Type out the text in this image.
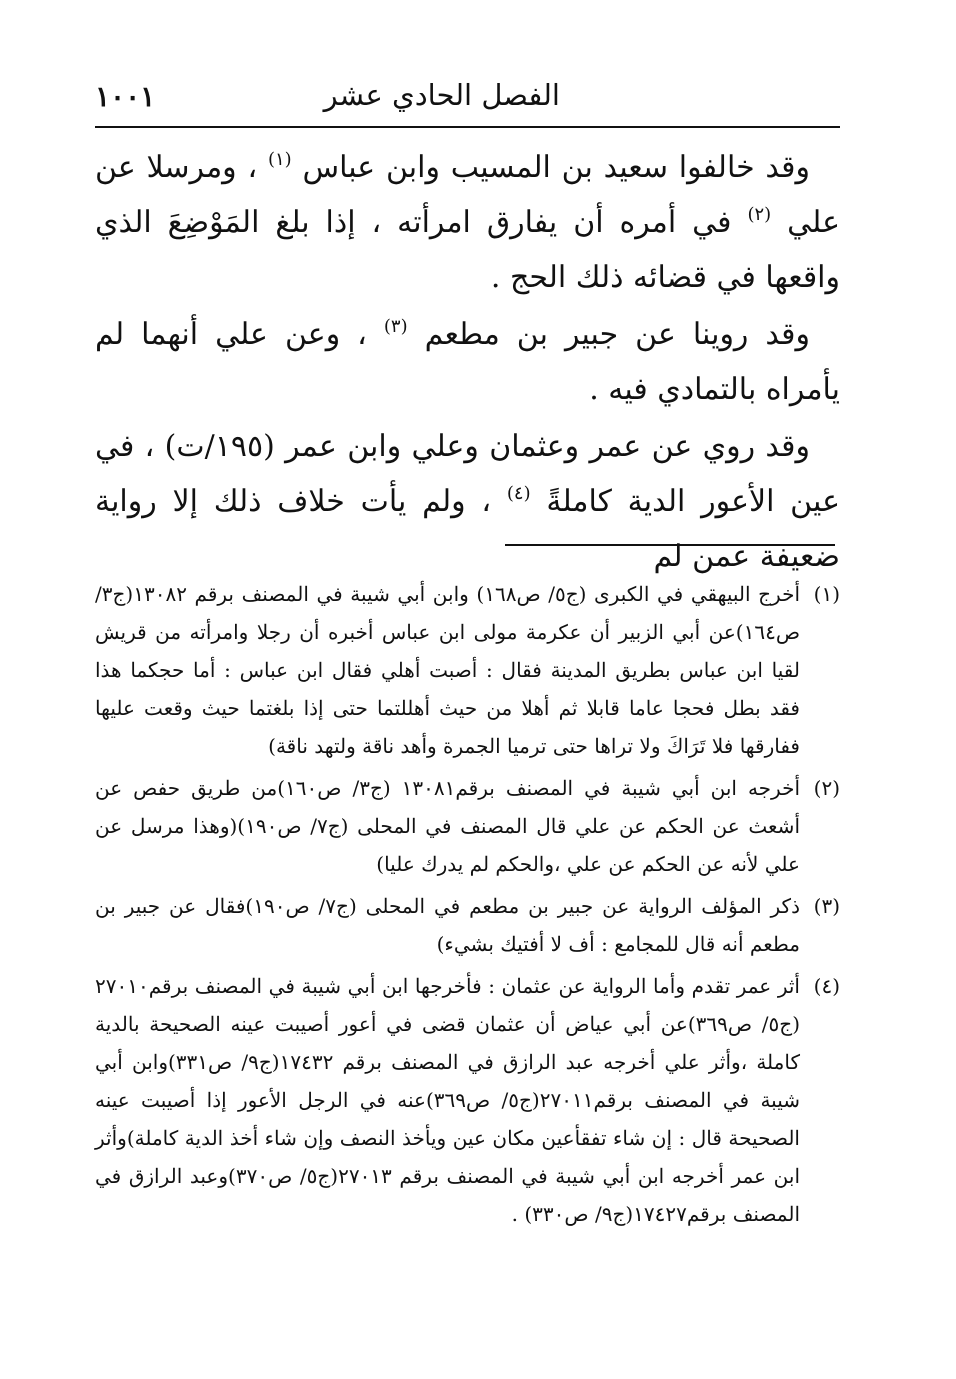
الفصل الحادي عشر
١٠٠١

وقد خالفوا سعيد بن المسيب وابن عباس $^{(١)}$ ، ومرسلا عن علي $^{(٢)}$ في أمره أن يفارق امرأته ، إذا بلغ المَوْضِعَ الذي واقعها في قضائه ذلك الحج .

وقد روينا عن جبير بن مطعم $^{(٣)}$ ، وعن علي أنهما لم يأمراه بالتمادي فيه .

وقد روي عن عمر وعثمان وعلي وابن عمر (١٩٥/ت) ، في عين الأعور الدية كاملةً $^{(٤)}$ ، ولم يأت خلاف ذلك إلا رواية ضعيفة عمن لم

(١)
أخرج البيهقي في الكبرى (ج٥/ ص١٦٨) وابن أبي شيبة في المصنف برقم ١٣٠٨٢(ج٣/ ص١٦٤)عن أبي الزبير أن عكرمة مولى ابن عباس أخبره أن رجلا وامرأته من قريش لقيا ابن عباس بطريق المدينة فقال : أصبت أهلي فقال ابن عباس : أما حجكما هذا فقد بطل فحجا عاما قابلا ثم أهلا من حيث أهللتما حتى إذا بلغتما حيث وقعت عليها ففارقها فلا تَرَاكَ ولا تراها حتى ترميا الجمرة وأهد ناقة ولتهد ناقة)
(٢)
أخرجه ابن أبي شيبة في المصنف برقم١٣٠٨١ (ج٣/ ص١٦٠)من طريق حفص عن أشعث عن الحكم عن علي قال المصنف في المحلى (ج٧/ ص١٩٠)(وهذا مرسل عن علي لأنه عن الحكم عن علي ،والحكم لم يدرك عليا)
(٣)
ذكر المؤلف الرواية عن جبير بن مطعم في المحلى (ج٧/ ص١٩٠)فقال عن جبير بن مطعم أنه قال للمجامع : أف لا أفتيك بشيء)
(٤)
أثر عمر تقدم وأما الرواية عن عثمان : فأخرجها ابن أبي شيبة في المصنف برقم٢٧٠١٠ (ج٥/ ص٣٦٩)عن أبي عياض أن عثمان قضى في أعور أصيبت عينه الصحيحة بالدية كاملة ،وأثر علي أخرجه عبد الرازق في المصنف برقم ١٧٤٣٢(ج٩/ ص٣٣١)وابن أبي شيبة في المصنف برقم٢٧٠١١(ج٥/ ص٣٦٩)عنه في الرجل الأعور إذا أصيبت عينه الصحيحة قال : إن شاء تفقأعين مكان عين ويأخذ النصف وإن شاء أخذ الدية كاملة)وأثر ابن عمر أخرجه ابن أبي شيبة في المصنف برقم ٢٧٠١٣(ج٥/ ص٣٧٠)وعبد الرازق في المصنف برقم١٧٤٢٧(ج٩/ ص٣٣٠) .
